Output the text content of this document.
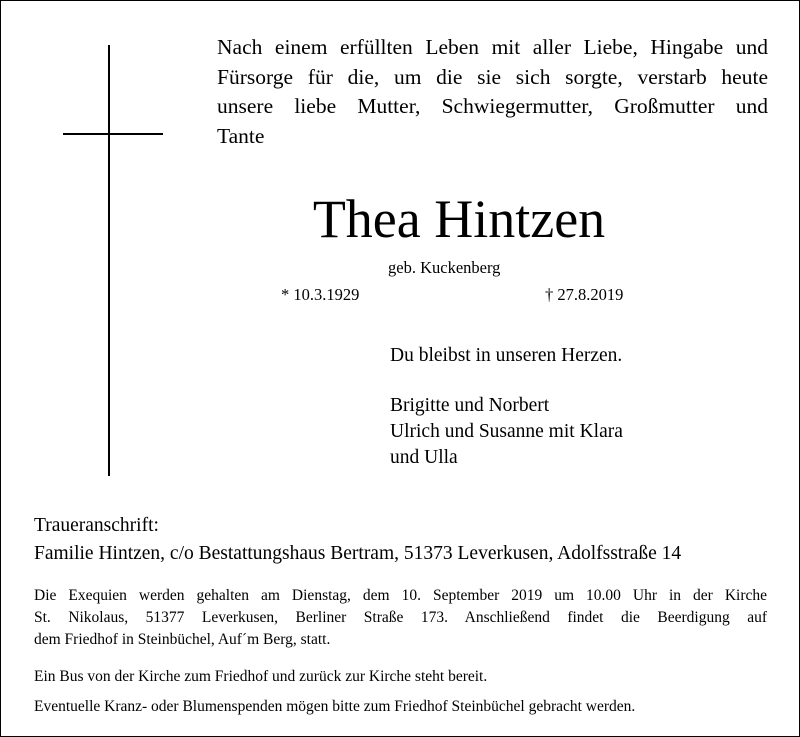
Nach einem erfüllten Leben mit aller Liebe, Hingabe und
Fürsorge für die, um die sie sich sorgte, verstarb heute
unsere liebe Mutter, Schwiegermutter, Großmutter und
Tante
Thea Hintzen
geb. Kuckenberg
* 10.3.1929	† 27.8.2019
Du bleibst in unseren Herzen.
Brigitte und Norbert
Ulrich und Susanne mit Klara
und Ulla
Traueranschrift:
Familie Hintzen, c/o Bestattungshaus Bertram, 51373 Leverkusen, Adolfsstraße 14
Die Exequien werden gehalten am Dienstag, dem 10. September 2019 um 10.00 Uhr in der Kirche
St. Nikolaus, 51377 Leverkusen, Berliner Straße 173. Anschließend findet die Beerdigung auf
dem Friedhof in Steinbüchel, Auf´m Berg, statt.
Ein Bus von der Kirche zum Friedhof und zurück zur Kirche steht bereit.
Eventuelle Kranz- oder Blumenspenden mögen bitte zum Friedhof Steinbüchel gebracht werden.
